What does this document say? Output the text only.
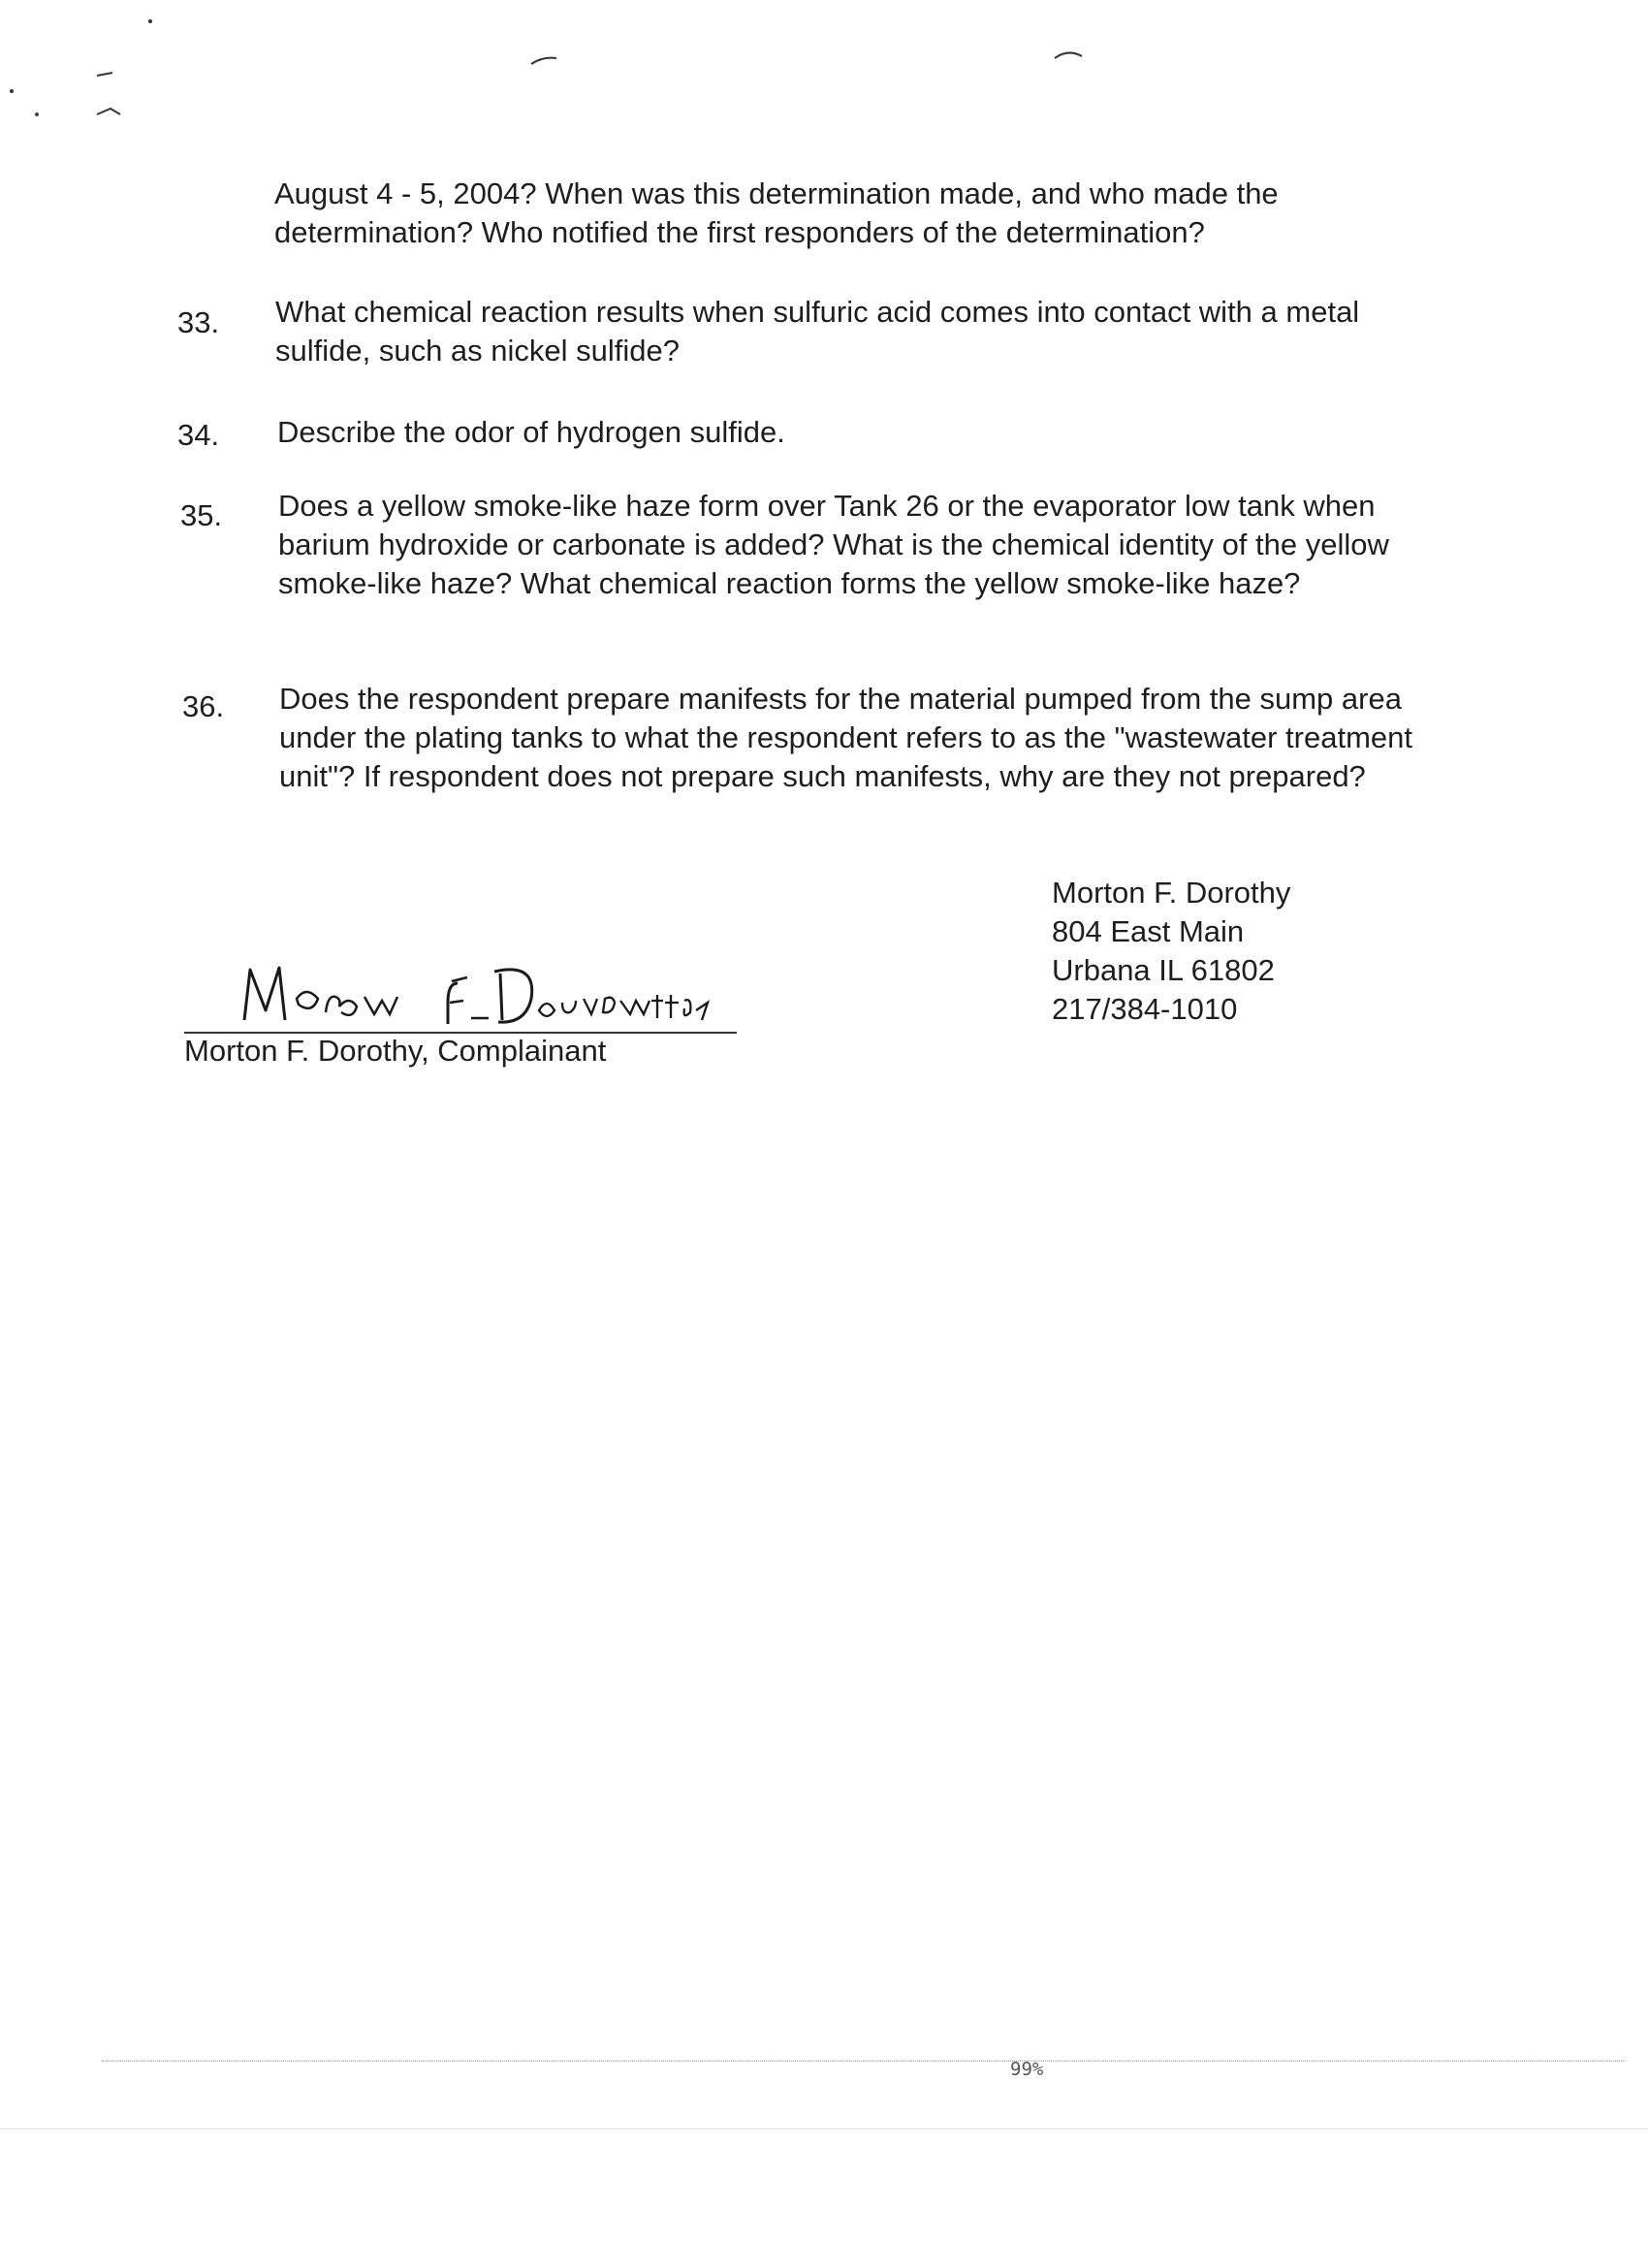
August 4 - 5, 2004? When was this determination made, and who made the determination? Who notified the first responders of the determination?
33. What chemical reaction results when sulfuric acid comes into contact with a metal sulfide, such as nickel sulfide?
34. Describe the odor of hydrogen sulfide.
35. Does a yellow smoke-like haze form over Tank 26 or the evaporator low tank when barium hydroxide or carbonate is added? What is the chemical identity of the yellow smoke-like haze? What chemical reaction forms the yellow smoke-like haze?
36. Does the respondent prepare manifests for the material pumped from the sump area under the plating tanks to what the respondent refers to as the "wastewater treatment unit"? If respondent does not prepare such manifests, why are they not prepared?
Morton F. Dorothy
804 East Main
Urbana IL 61802
217/384-1010
Morton F. Dorothy, Complainant
99%
